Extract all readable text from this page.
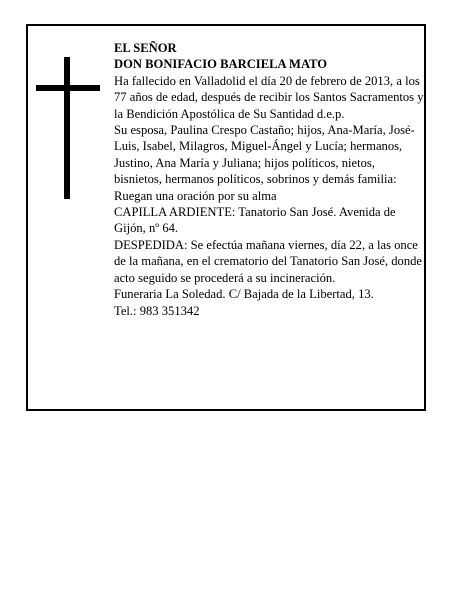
EL SEÑOR

DON BONIFACIO BARCIELA MATO

Ha fallecido en Valladolid el día 20 de febrero de 2013, a los 77 años de edad, después de recibir los Santos Sacramentos y la Bendición Apostólica de Su Santidad d.e.p.

Su esposa, Paulina Crespo Castaño; hijos, Ana-María, José-Luis, Isabel, Milagros, Miguel-Ángel y Lucía; hermanos, Justino, Ana María y Juliana; hijos políticos, nietos, bisnietos, hermanos políticos, sobrinos y demás familia:

Ruegan una oración por su alma

CAPILLA ARDIENTE: Tanatorio San José. Avenida de Gijón, nº 64.

DESPEDIDA: Se efectúa mañana viernes, día 22, a las once de la mañana, en el crematorio del Tanatorio San José, donde acto seguido se procederá a su incineración.

Funeraria La Soledad. C/ Bajada de la Libertad, 13.

Tel.: 983 351342
